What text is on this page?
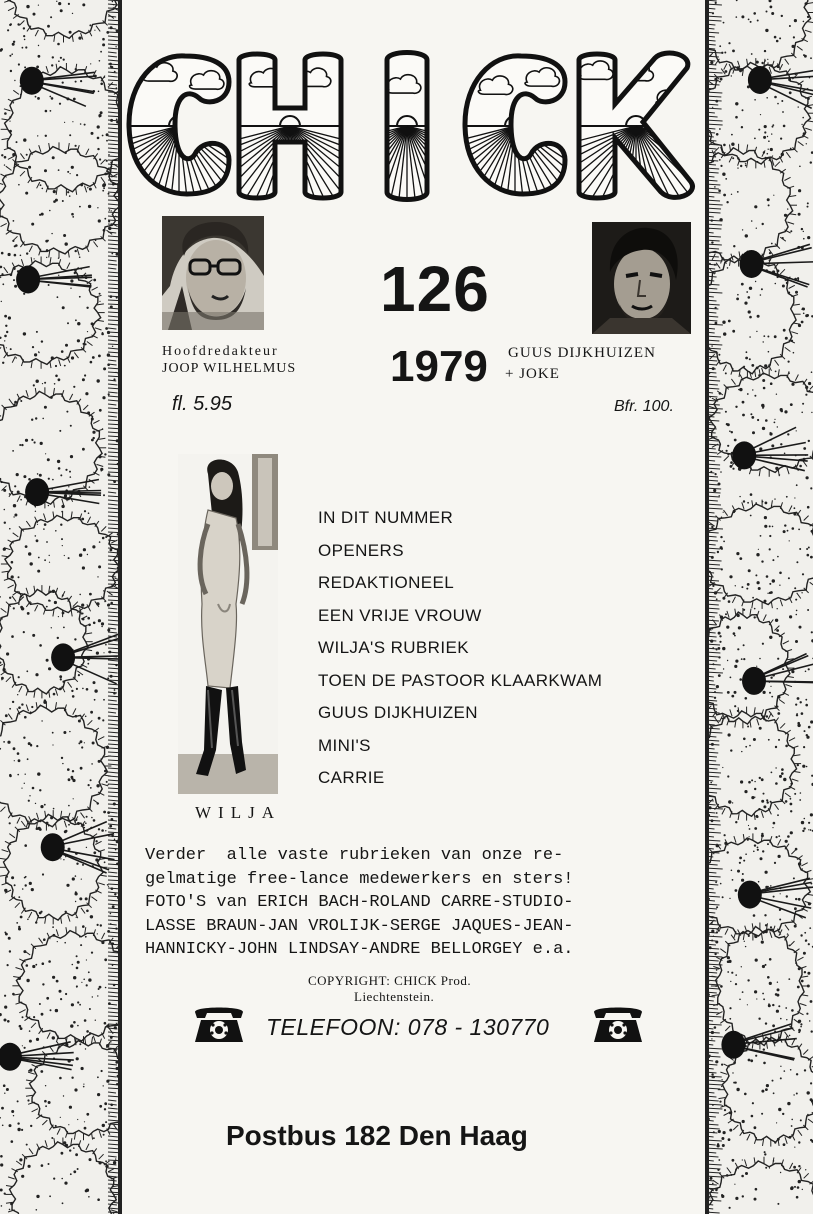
126
1979
Hoofdredakteur
JOOP WILHELMUS
GUUS DIJKHUIZEN
+ JOKE
fl. 5.95	Bfr. 100.
WILJA
IN DIT NUMMER
OPENERS
REDAKTIONEEL
EEN VRIJE VROUW
WILJA'S RUBRIEK
TOEN DE PASTOOR KLAARKWAM
GUUS DIJKHUIZEN
MINI'S
CARRIE
Verder  alle vaste rubrieken van onze re-
gelmatige free-lance medewerkers en sters!
FOTO'S van ERICH BACH-ROLAND CARRE-STUDIO-
LASSE BRAUN-JAN VROLIJK-SERGE JAQUES-JEAN-
HANNICKY-JOHN LINDSAY-ANDRE BELLORGEY e.a.
COPYRIGHT: CHICK Prod.
Liechtenstein.
TELEFOON: 078 - 130770
Postbus 182 Den Haag
